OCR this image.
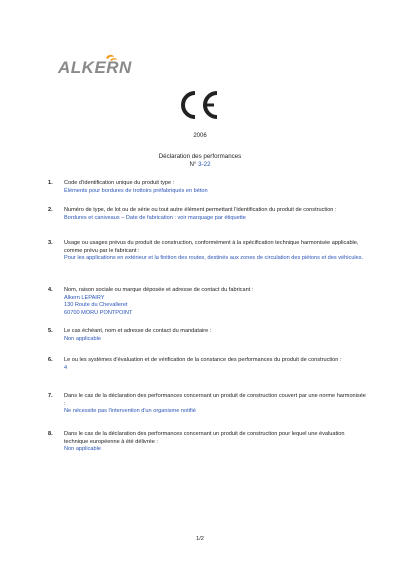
ALKERN
2006
Déclaration des performances
N° 3-22
1. Code d'identification unique du produit type :
Éléments pour bordures de trottoirs préfabriqués en béton
2. Numéro de type, de lot ou de série ou tout autre élément permettant l'identification du produit de construction :
Bordures et caniveaux – Date de fabrication : voir marquage par étiquette
3. Usage ou usages prévus du produit de construction, conformément à la spécification technique harmonisée applicable, comme prévu par le fabricant :
Pour les applications en extérieur et la finition des routes, destinés aux zones de circulation des piétons et des véhicules.
4. Nom, raison sociale ou marque déposée et adresse de contact du fabricant :
Alkern LEPAIRY
130 Route du Chevalleret
60700 MORU PONTPOINT
5. Le cas échéant, nom et adresse de contact du mandataire :
Non applicable
6. Le ou les systèmes d'évaluation et de vérification de la constance des performances du produit de construction :
4
7. Dans le cas de la déclaration des performances concernant un produit de construction couvert par une norme harmonisée :
Ne nécessite pas l'intervention d'un organisme notifié
8. Dans le cas de la déclaration des performances concernant un produit de construction pour lequel une évaluation technique européenne à été délivrée :
Non applicable
1/2
